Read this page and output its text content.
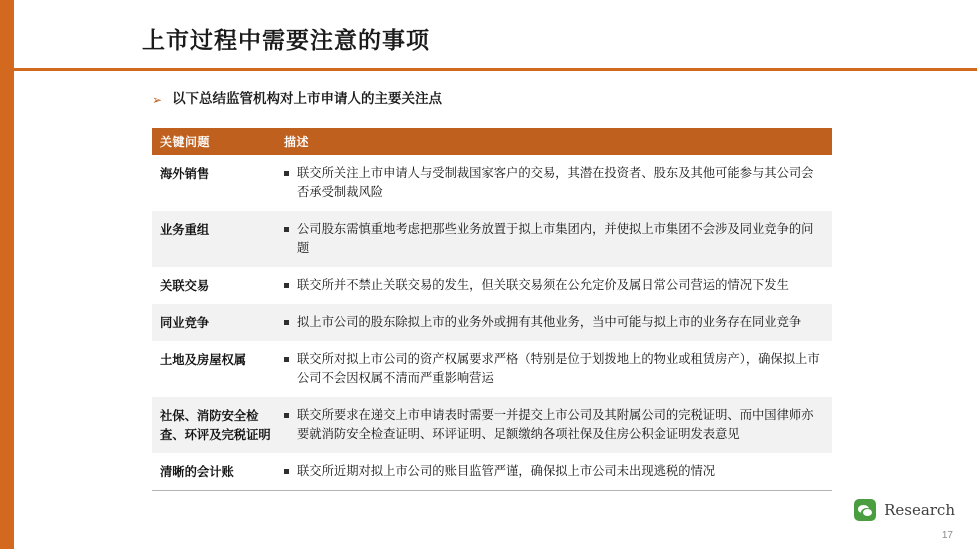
上市过程中需要注意的事项
➢ 以下总结监管机构对上市申请人的主要关注点
关键问题	描述
海外销售	联交所关注上市申请人与受制裁国家客户的交易，其潜在投资者、股东及其他可能参与其公司会否承受制裁风险

业务重组	公司股东需慎重地考虑把那些业务放置于拟上市集团内，并使拟上市集团不会涉及同业竞争的问题

关联交易	联交所并不禁止关联交易的发生，但关联交易须在公允定价及属日常公司营运的情况下发生

同业竞争	拟上市公司的股东除拟上市的业务外或拥有其他业务，当中可能与拟上市的业务存在同业竞争

土地及房屋权属	联交所对拟上市公司的资产权属要求严格（特别是位于划拨地上的物业或租赁房产），确保拟上市公司不会因权属不清而严重影响营运

社保、消防安全检查、环评及完税证明	联交所要求在递交上市申请表时需要一并提交上市公司及其附属公司的完税证明、而中国律师亦要就消防安全检查证明、环评证明、足额缴纳各项社保及住房公积金证明发表意见

清晰的会计账	联交所近期对拟上市公司的账目监管严谨，确保拟上市公司未出现逃税的情况
Research
17
